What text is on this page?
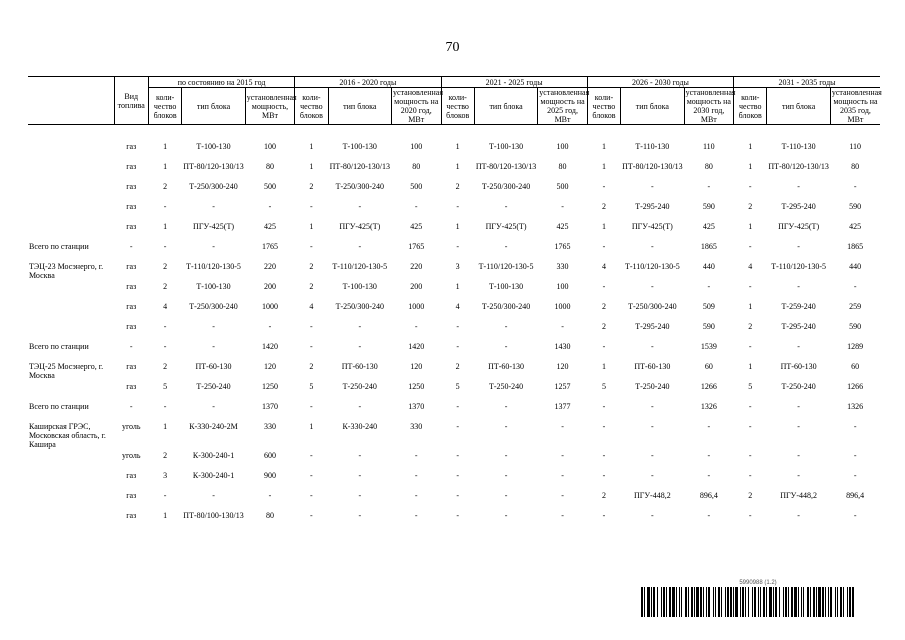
70
	Вид топлива	по состоянию на 2015 год			2016 - 2020 годы			2021 - 2025 годы			2026 - 2030 годы			2031 - 2035 годы		
		коли-чество блоков	тип блока	установленная мощность, МВт	коли-чество блоков	тип блока	установленная мощность на 2020 год, МВт	коли-чество блоков	тип блока	установленная мощность на 2025 год, МВт	коли-чество блоков	тип блока	установленная мощность на 2030 год, МВт	коли-чество блоков	тип блока	установленная мощность на 2035 год, МВт

	газ	1	Т-100-130	100	1	Т-100-130	100	1	Т-100-130	100	1	Т-110-130	110	1	Т-110-130	110
	газ	1	ПТ-80/120-130/13	80	1	ПТ-80/120-130/13	80	1	ПТ-80/120-130/13	80	1	ПТ-80/120-130/13	80	1	ПТ-80/120-130/13	80
	газ	2	Т-250/300-240	500	2	Т-250/300-240	500	2	Т-250/300-240	500	-	-	-	-	-	-
	газ	-	-	-	-	-	-	-	-	-	2	Т-295-240	590	2	Т-295-240	590
	газ	1	ПГУ-425(Т)	425	1	ПГУ-425(Т)	425	1	ПГУ-425(Т)	425	1	ПГУ-425(Т)	425	1	ПГУ-425(Т)	425
Всего по станции	-	-	-	1765	-	-	1765	-	-	1765	-	-	1865	-	-	1865
ТЭЦ-23 Мосэнерго, г. Москва	газ	2	Т-110/120-130-5	220	2	Т-110/120-130-5	220	3	Т-110/120-130-5	330	4	Т-110/120-130-5	440	4	Т-110/120-130-5	440
	газ	2	Т-100-130	200	2	Т-100-130	200	1	Т-100-130	100	-	-	-	-	-	-
	газ	4	Т-250/300-240	1000	4	Т-250/300-240	1000	4	Т-250/300-240	1000	2	Т-250/300-240	509	1	Т-259-240	259
	газ	-	-	-	-	-	-	-	-	-	2	Т-295-240	590	2	Т-295-240	590
Всего по станции	-	-	-	1420	-	-	1420	-	-	1430	-	-	1539	-	-	1289
ТЭЦ-25 Мосэнерго, г. Москва	газ	2	ПТ-60-130	120	2	ПТ-60-130	120	2	ПТ-60-130	120	1	ПТ-60-130	60	1	ПТ-60-130	60
	газ	5	Т-250-240	1250	5	Т-250-240	1250	5	Т-250-240	1257	5	Т-250-240	1266	5	Т-250-240	1266
Всего по станции	-	-	-	1370	-	-	1370	-	-	1377	-	-	1326	-	-	1326
Каширская ГРЭС, Московская область, г. Кашира	уголь	1	К-330-240-2М	330	1	К-330-240	330	-	-	-	-	-	-	-	-	-
	уголь	2	К-300-240-1	600	-	-	-	-	-	-	-	-	-	-	-	-
	газ	3	К-300-240-1	900	-	-	-	-	-	-	-	-	-	-	-	-
	газ	-	-	-	-	-	-	-	-	-	2	ПГУ-448,2	896,4	2	ПГУ-448,2	896,4
	газ	1	ПТ-80/100-130/13	80	-	-	-	-	-	-	-	-	-	-	-	-
5990988 (1.2)
